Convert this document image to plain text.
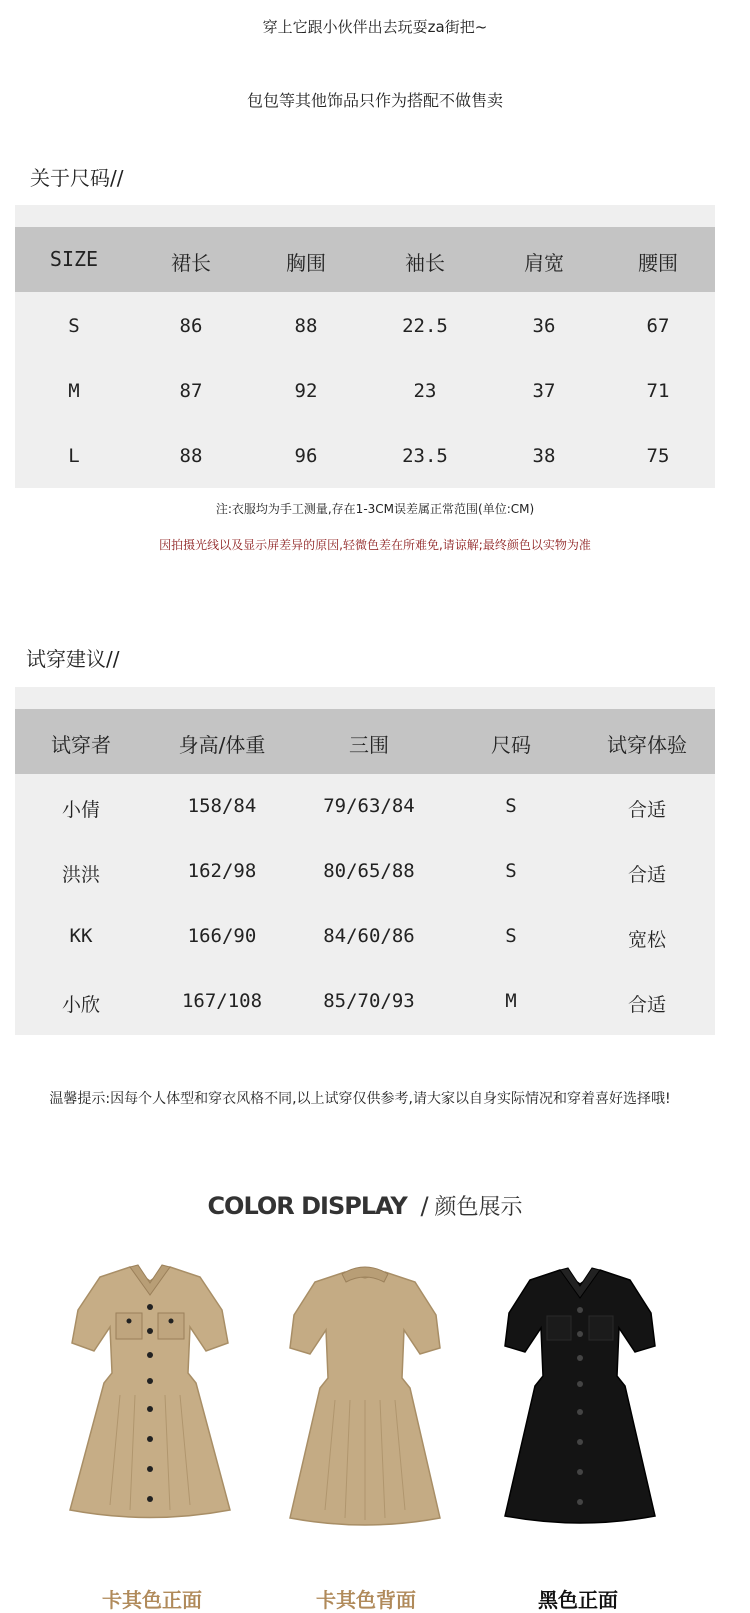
穿上它跟小伙伴出去玩耍za街把~
包包等其他饰品只作为搭配不做售卖
关于尺码//
SIZE	裙长	胸围	袖长	肩宽	腰围
S	86	88	22.5	36	67
M	87	92	23	37	71
L	88	96	23.5	38	75
注:衣服均为手工测量,存在1-3CM误差属正常范围(单位:CM)
因拍摄光线以及显示屏差异的原因,轻微色差在所难免,请谅解;最终颜色以实物为准
试穿建议//
试穿者	身高/体重	三围	尺码	试穿体验
小倩	158/84	79/63/84	S	合适
洪洪	162/98	80/65/88	S	合适
KK	166/90	84/60/86	S	宽松
小欣	167/108	85/70/93	M	合适
温馨提示:因每个人体型和穿衣风格不同,以上试穿仅供参考,请大家以自身实际情况和穿着喜好选择哦!
COLOR DISPLAY / 颜色展示
卡其色正面	卡其色背面	黑色正面
